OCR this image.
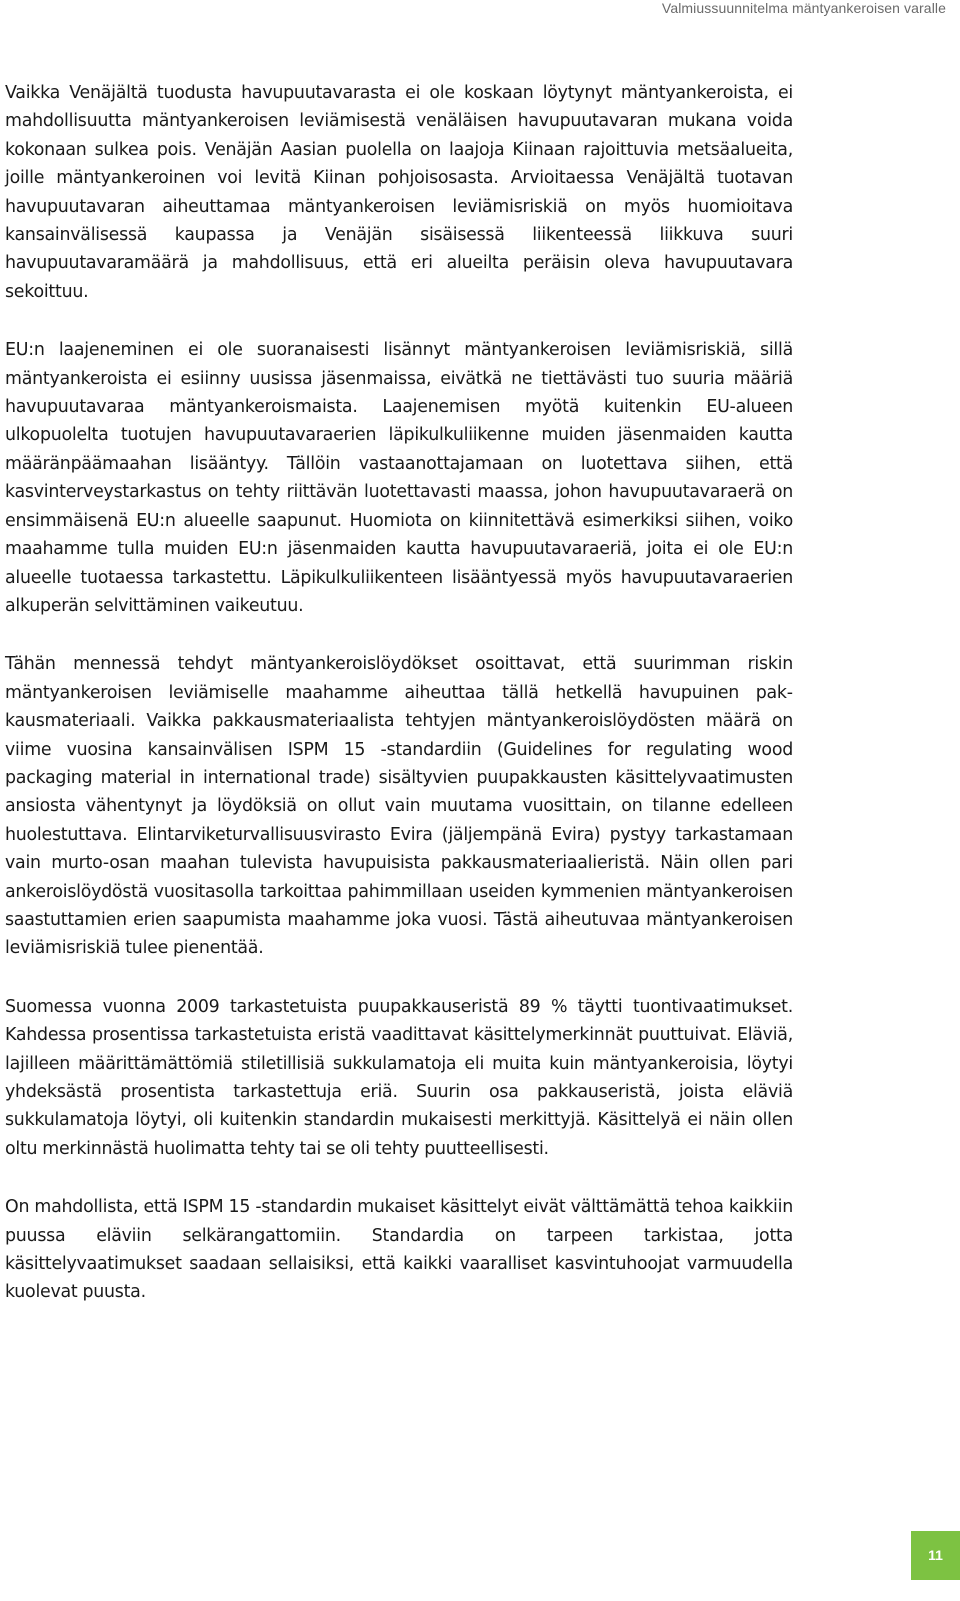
Valmiussuunnitelma mäntyankeroisen varalle

Vaikka Venäjältä tuodusta havupuutavarasta ei ole koskaan löytynyt mäntyankeroista, ei mahdollisuutta mäntyankeroisen leviämisestä venäläisen havupuutavaran mukana voida kokonaan sulkea pois. Venäjän Aasian puolella on laajoja Kiinaan rajoittuvia metsäalueita, joille mäntyankeroinen voi levitä Kiinan pohjoisosasta. Arvioitaessa Venäjältä tuotavan havupuutavaran aiheuttamaa mäntyankeroisen leviämisriskiä on myös huomioitava kansainvälisessä kaupassa ja Venäjän sisäisessä liikenteessä liikkuva suuri havupuutavaramäärä ja mahdollisuus, että eri alueilta peräisin oleva havupuutavara sekoittuu.

EU:n laajeneminen ei ole suoranaisesti lisännyt mäntyankeroisen leviämisriskiä, sillä mäntyankeroista ei esiinny uusissa jäsenmaissa, eivätkä ne tiettävästi tuo suuria määriä havupuutavaraa mäntyankeroismaista. Laajenemisen myötä kuitenkin EU-alueen ulkopuolelta tuotujen havupuutavaraerien läpikulkuliikenne muiden jäsenmaiden kautta määränpäämaahan lisääntyy. Tällöin vastaanottajamaan on luotettava siihen, että kasvinterveystarkastus on tehty riittävän luotettavasti maassa, johon havupuutavaraerä on ensimmäisenä EU:n alueelle saapunut. Huomiota on kiinnitettävä esimerkiksi siihen, voiko maahamme tulla muiden EU:n jäsenmaiden kautta havupuutavaraeriä, joita ei ole EU:n alueelle tuotaessa tarkastettu. Läpikulkuliikenteen lisääntyessä myös havupuutavaraerien alkuperän selvittäminen vaikeutuu.

Tähän mennessä tehdyt mäntyankeroislöydökset osoittavat, että suurimman riskin mäntyankeroisen leviämiselle maahamme aiheuttaa tällä hetkellä havupuinen pakkausmateriaali. Vaikka pakkausmateriaalista tehtyjen mäntyankeroislöydösten määrä on viime vuosina kansainvälisen ISPM 15 -standardiin (Guidelines for regulating wood packaging material in international trade) sisältyvien puupakkausten käsittelyvaatimusten ansiosta vähentynyt ja löydöksiä on ollut vain muutama vuosittain, on tilanne edelleen huolestuttava. Elintarviketurvallisuusvirasto Evira (jäljempänä Evira) pystyy tarkastamaan vain murto-osan maahan tulevista havupuisista pakkausmateriaalieristä. Näin ollen pari ankeroislöydöstä vuositasolla tarkoittaa pahimmillaan useiden kymmenien mäntyankeroisen saastuttamien erien saapumista maahamme joka vuosi. Tästä aiheutuvaa mäntyankeroisen leviämisriskiä tulee pienentää.

Suomessa vuonna 2009 tarkastetuista puupakkauseristä 89 % täytti tuontivaatimukset. Kahdessa prosentissa tarkastetuista eristä vaadittavat käsittelymerkinnät puuttuivat. Eläviä, lajilleen määrittämättömiä stiletillisiä sukkulamatoja eli muita kuin mäntyankeroisia, löytyi yhdeksästä prosentista tarkastettuja eriä. Suurin osa pakkauseristä, joista eläviä sukkulamatoja löytyi, oli kuitenkin standardin mukaisesti merkittyjä. Käsittelyä ei näin ollen oltu merkinnästä huolimatta tehty tai se oli tehty puutteellisesti.

On mahdollista, että ISPM 15 -standardin mukaiset käsittelyt eivät välttämättä tehoa kaikkiin puussa eläviin selkärangattomiin. Standardia on tarpeen tarkistaa, jotta käsittelyvaatimukset saadaan sellaisiksi, että kaikki vaaralliset kasvintuhoojat varmuudella kuolevat puusta.

11
